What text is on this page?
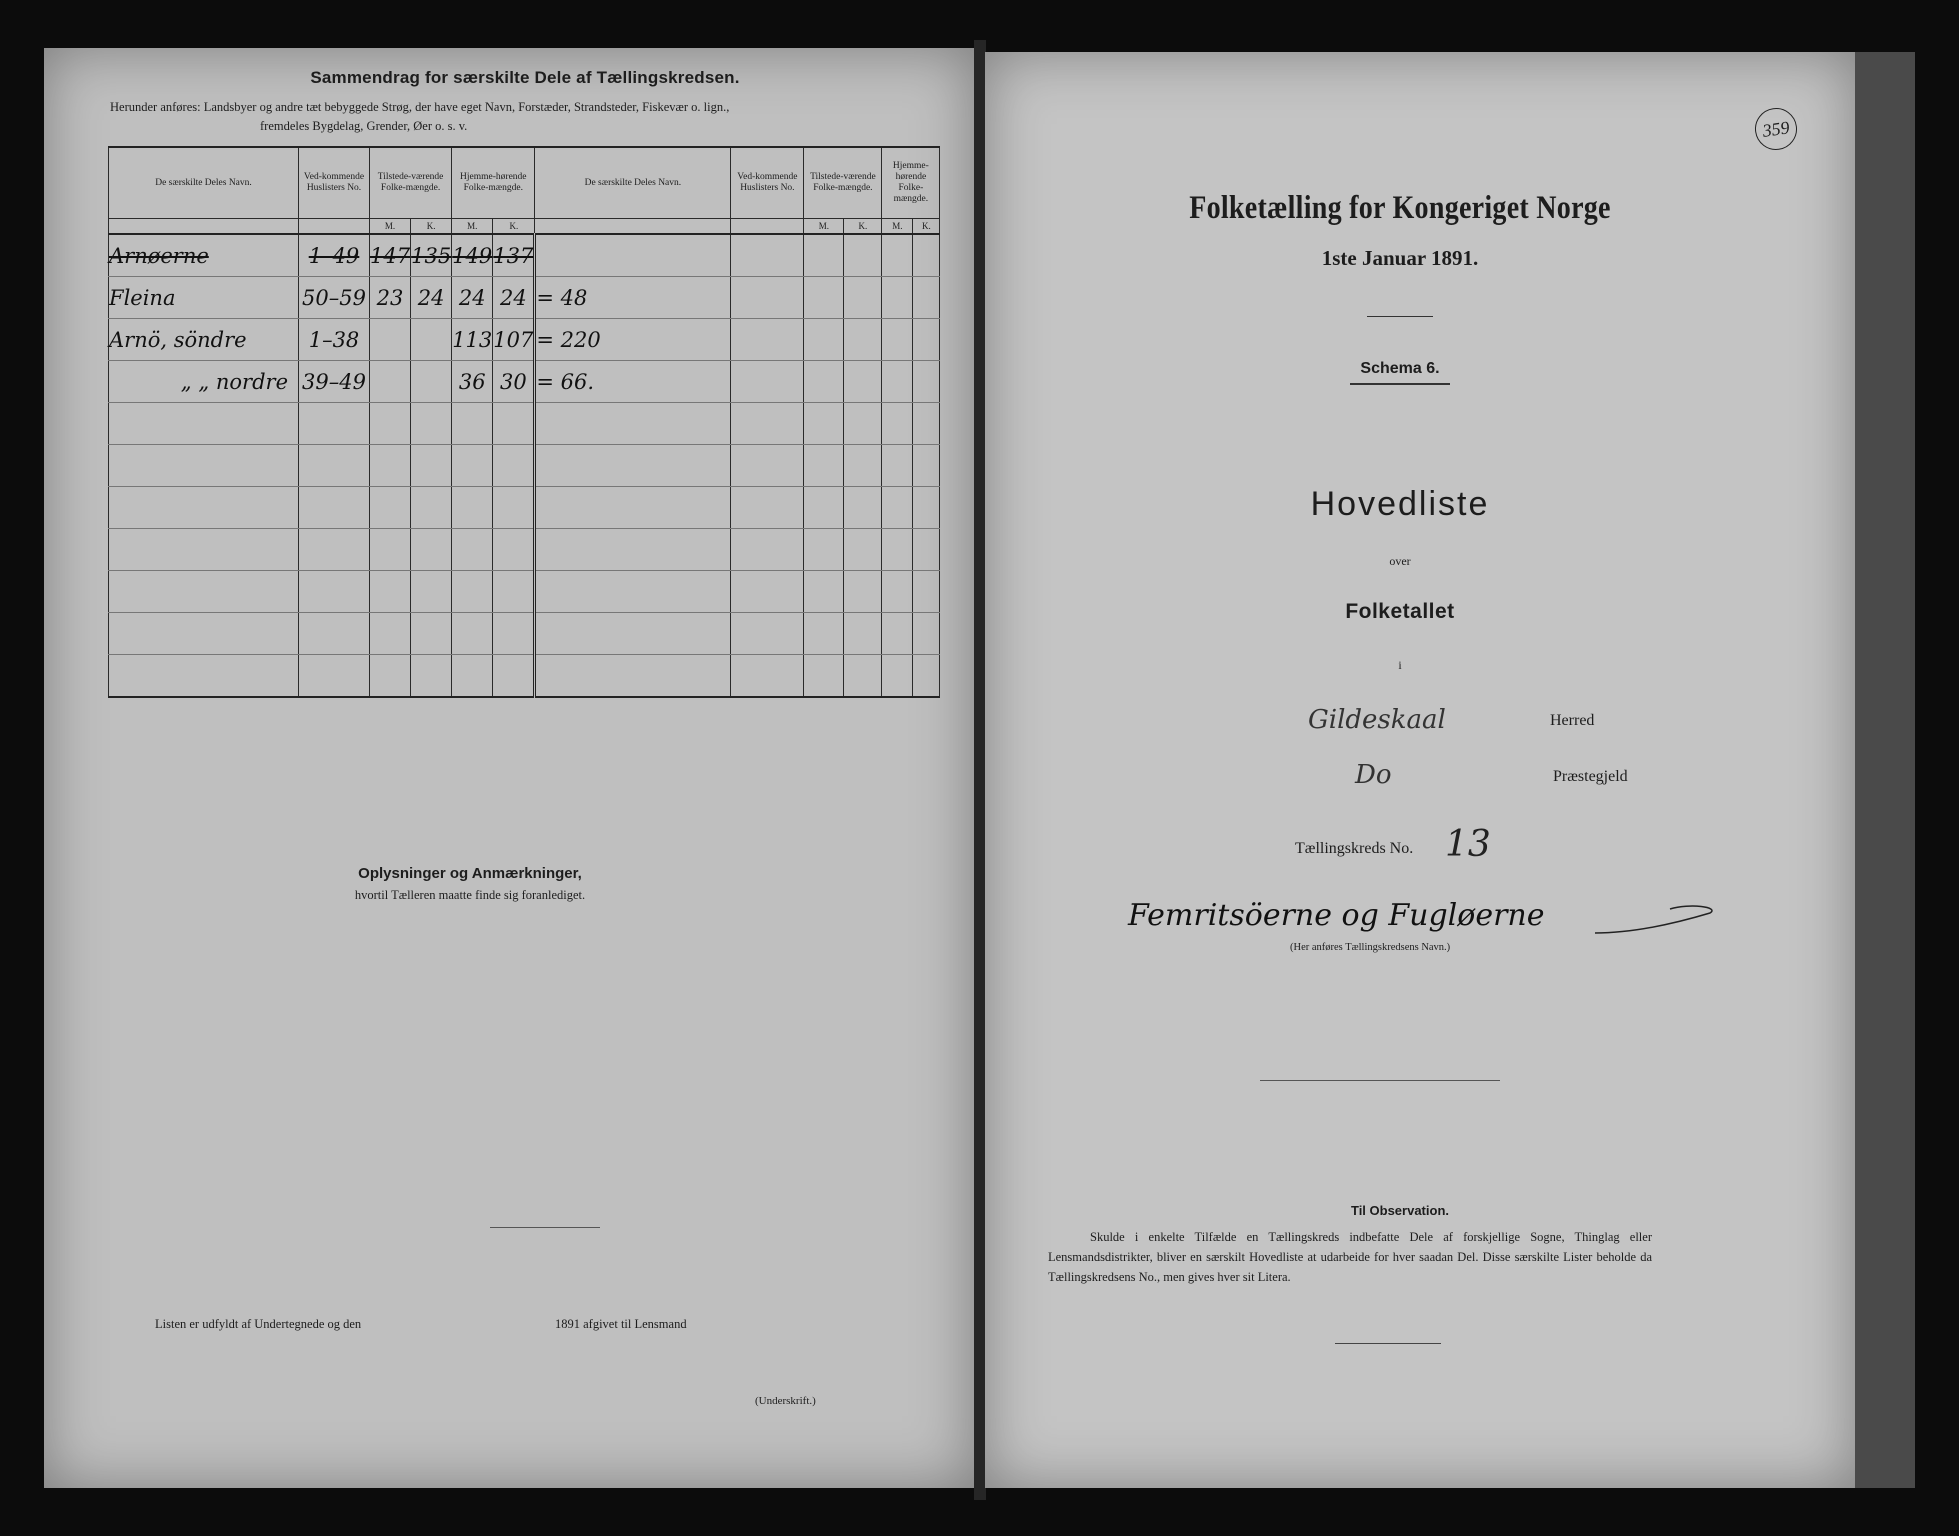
Sammendrag for særskilte Dele af Tællingskredsen.
Herunder anføres: Landsbyer og andre tæt bebyggede Strøg, der have eget Navn, Forstæder, Strandsteder, Fiskevær o. lign.,
fremdeles Bygdelag, Grender, Øer o. s. v.
De særskilte Deles Navn.	Ved-kommende Huslisters No.	Tilstede-værende Folke-mængde.		Hjemme-hørende Folke-mængde.		De særskilte Deles Navn.	Ved-kommende Huslisters No.	Tilstede-værende Folke-mængde.		Hjemme-hørende Folke-mængde.	
		M.	K.	M.	K.			M.	K.	M.	K.
Arnøerne	1–49	147	135	149	137						
Fleina	50–59	23	24	24	24	= 48					
Arnö, söndre	1–38			113	107	= 220					
„ „ nordre	39–49			36	30	= 66.					

Oplysninger og Anmærkninger,
hvortil Tælleren maatte finde sig foranlediget.
Listen er udfyldt af Undertegnede og den	1891 afgivet til Lensmand
(Underskrift.)
359
Folketælling for Kongeriget Norge
1ste Januar 1891.
Schema 6.
Hovedliste
over
Folketallet
i
Gildeskaal	Herred
Do	Præstegjeld
Tællingskreds No. 13
Femritsöerne og Fugløerne
(Her anføres Tællingskredsens Navn.)
Til Observation.
Skulde i enkelte Tilfælde en Tællingskreds indbefatte Dele af forskjellige Sogne, Thinglag eller Lensmandsdistrikter, bliver en særskilt Hovedliste at udarbeide for hver saadan Del. Disse særskilte Lister beholde da Tællingskredsens No., men gives hver sit Litera.
